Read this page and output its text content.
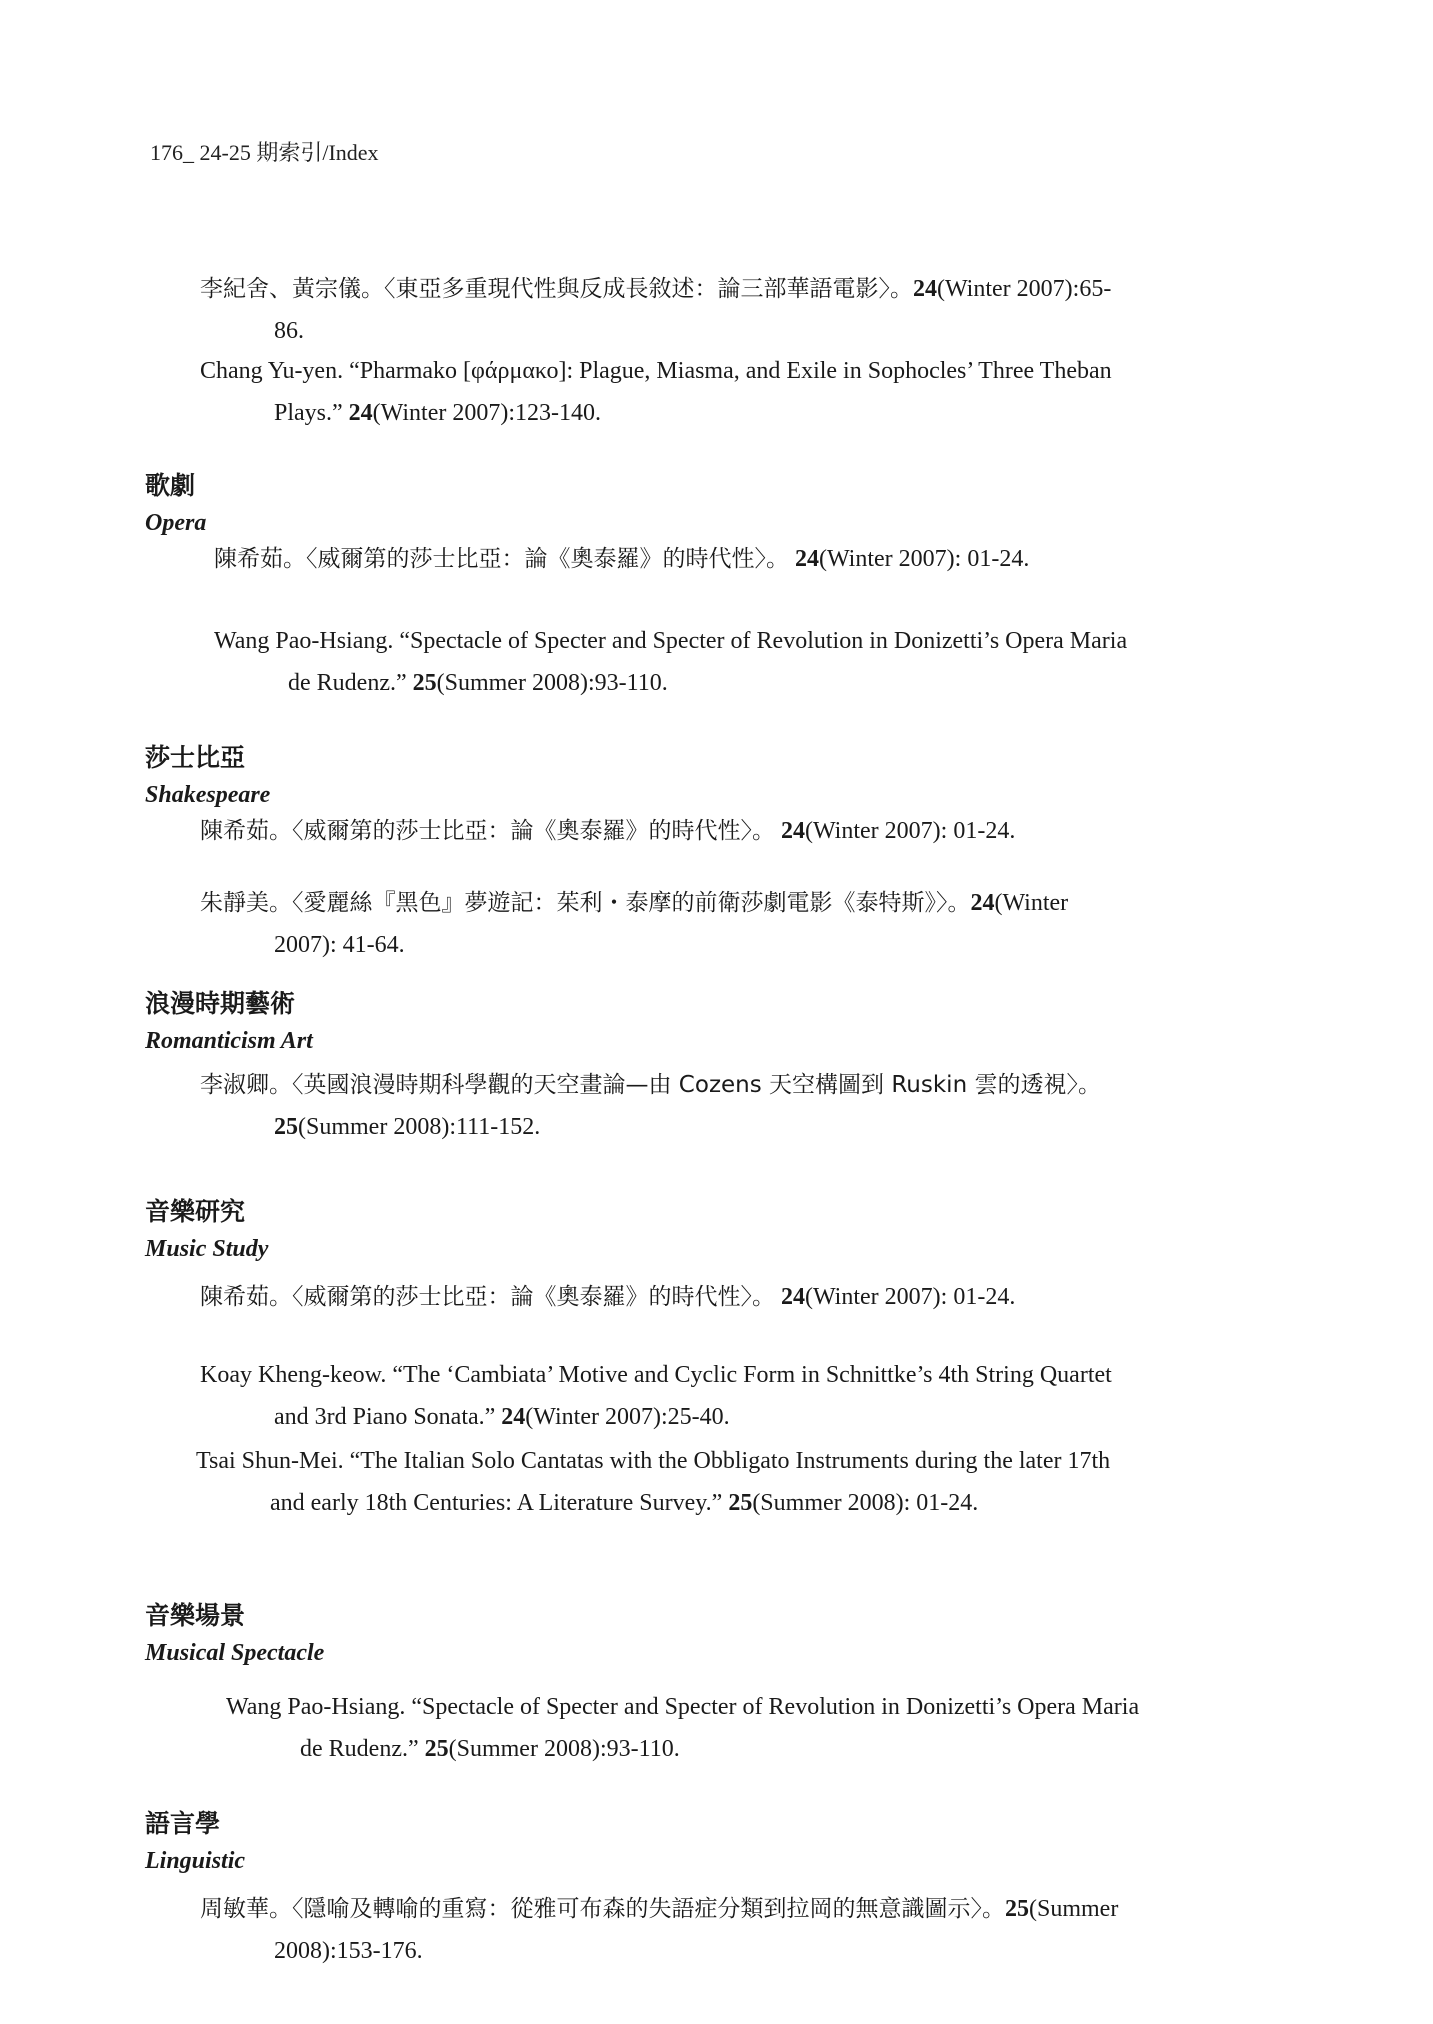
176_ 24-25 期索引/Index
李紀舍、黃宗儀。〈東亞多重現代性與反成長敘述：論三部華語電影〉。24(Winter 2007):65-86.
Chang Yu-yen. “Pharmako [φάρμακο]: Plague, Miasma, and Exile in Sophocles’ Three Theban Plays.” 24(Winter 2007):123-140.
歌劇
Opera
陳希茹。〈威爾第的莎士比亞：論《奧泰羅》的時代性〉。 24(Winter 2007): 01-24.
Wang Pao-Hsiang. “Spectacle of Specter and Specter of Revolution in Donizetti’s Opera Maria de Rudenz.” 25(Summer 2008):93-110.
莎士比亞
Shakespeare
陳希茹。〈威爾第的莎士比亞：論《奧泰羅》的時代性〉。 24(Winter 2007): 01-24.
朱靜美。〈愛麗絲『黑色』夢遊記：茱利・泰摩的前衛莎劇電影《泰特斯》〉。24(Winter 2007): 41-64.
浪漫時期藝術
Romanticism Art
李淑卿。〈英國浪漫時期科學觀的天空畫論—由 Cozens 天空構圖到 Ruskin 雲的透視〉。25(Summer 2008):111-152.
音樂研究
Music Study
陳希茹。〈威爾第的莎士比亞：論《奧泰羅》的時代性〉。 24(Winter 2007): 01-24.
Koay Kheng-keow. “The ‘Cambiata’ Motive and Cyclic Form in Schnittke’s 4th String Quartet and 3rd Piano Sonata.” 24(Winter 2007):25-40.
Tsai Shun-Mei. “The Italian Solo Cantatas with the Obbligato Instruments during the later 17th and early 18th Centuries: A Literature Survey.” 25(Summer 2008): 01-24.
音樂場景
Musical Spectacle
Wang Pao-Hsiang. “Spectacle of Specter and Specter of Revolution in Donizetti’s Opera Maria de Rudenz.” 25(Summer 2008):93-110.
語言學
Linguistic
周敏華。〈隱喻及轉喻的重寫：從雅可布森的失語症分類到拉岡的無意識圖示〉。25(Summer 2008):153-176.
